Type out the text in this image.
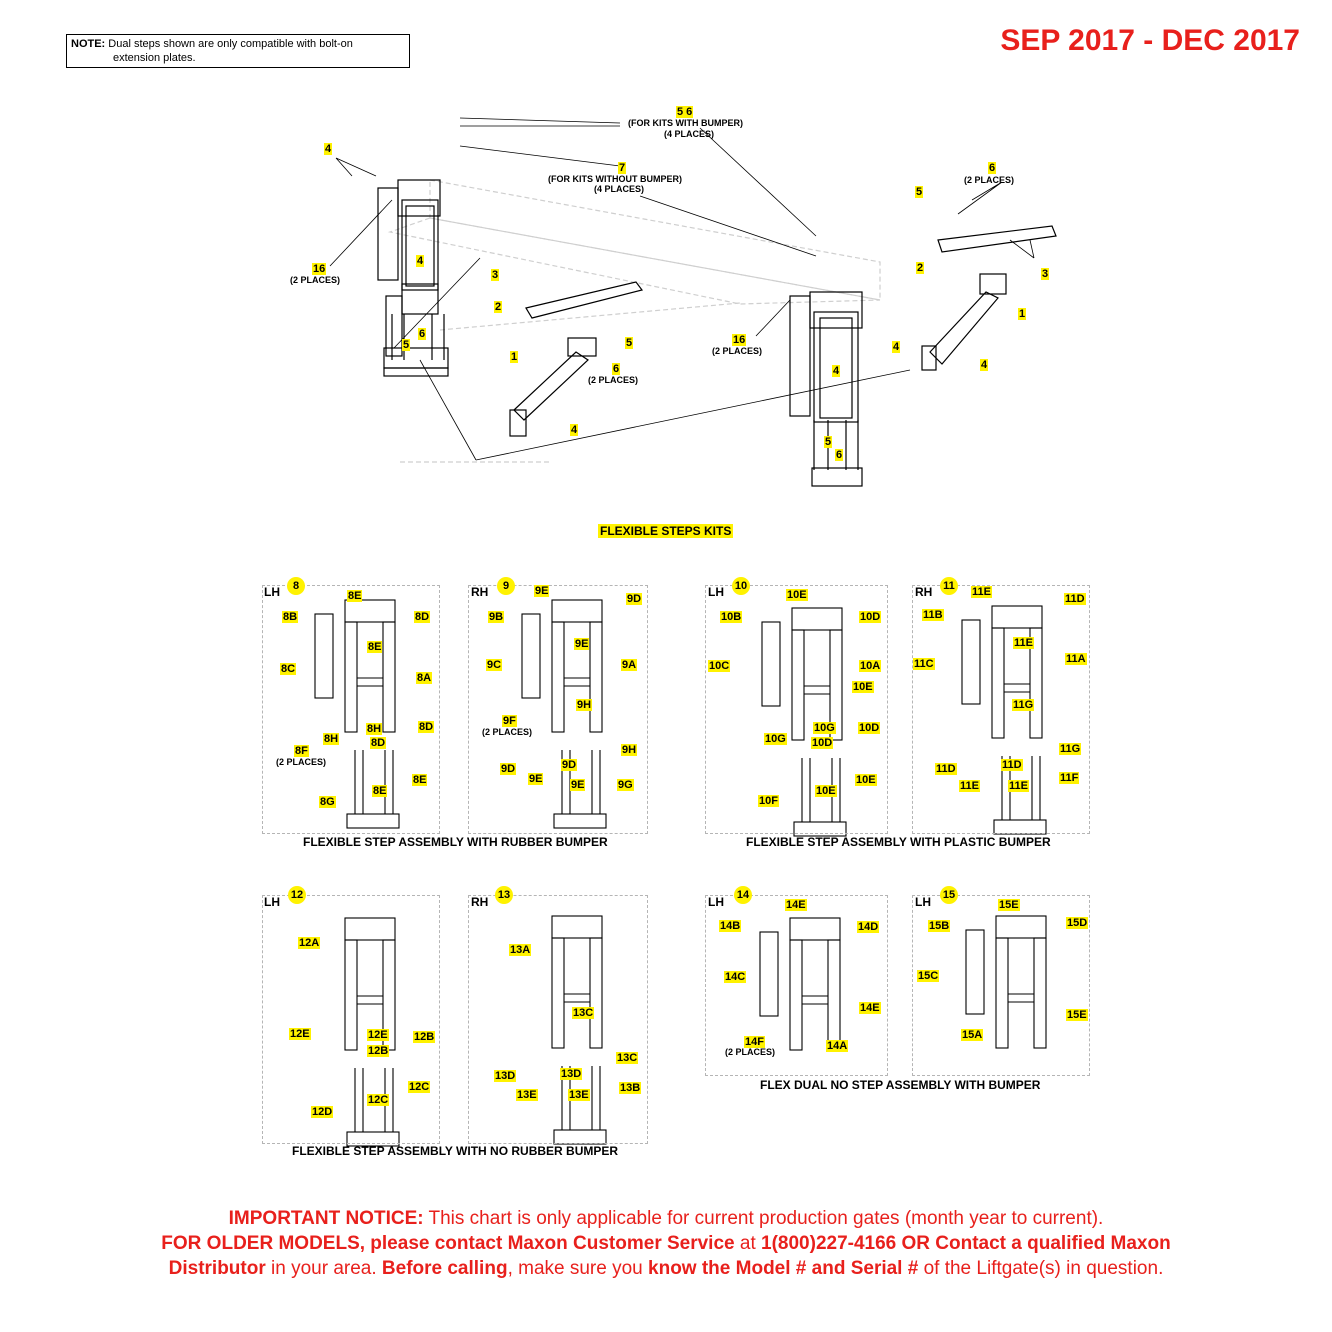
NOTE: Dual steps shown are only compatible with bolt-on
extension plates.
SEP 2017 - DEC 2017
5 6
(FOR KITS WITH BUMPER)
(4 PLACES)
7
(FOR KITS WITHOUT BUMPER)
(4 PLACES)
4
16
(2 PLACES)
4
5
6
3
2
5
6
(2 PLACES)
1
4
16
(2 PLACES)	4
4
5
6
6
(2 PLACES)
5
2	3
1
4
FLEXIBLE STEPS KITS
LH	8	RH	9	LH 10	RH 11
LH 12	RH 13	LH 14	LH 15
8E
8B	8D
8E
8C
8A
8H	8D
8H	8D
8F
(2 PLACES)
8E
8G
8E
9E
9D
9B
9E
9A
9C
9H
9F
(2 PLACES)
9H
9D	9D
9E	9E	9G
10E
10B	10D
10C	10A
10E
10G
10G 10D
10D
10E
10E
10F
11E
11D
11B
11E
11A
11C
11G
11G
11D	11D
11E	11E
11F
12A
12E	12E
12B
12B
12C
12C
12D
13A
13C
13C
13D	13D
13E	13E
13B
14E
14B	14D
14C
14E
14F
(2 PLACES)	14A
15E
15B	15D
15C
15E
15A
FLEXIBLE STEP ASSEMBLY WITH RUBBER BUMPER	FLEXIBLE STEP ASSEMBLY WITH PLASTIC BUMPER
FLEXIBLE STEP ASSEMBLY WITH NO RUBBER BUMPER
FLEX DUAL NO STEP ASSEMBLY WITH BUMPER
IMPORTANT NOTICE: This chart is only applicable for current production gates (month year to current).
FOR OLDER MODELS, please contact Maxon Customer Service at 1(800)227-4166 OR Contact a qualified Maxon
Distributor in your area. Before calling, make sure you know the Model # and Serial # of the Liftgate(s) in question.
